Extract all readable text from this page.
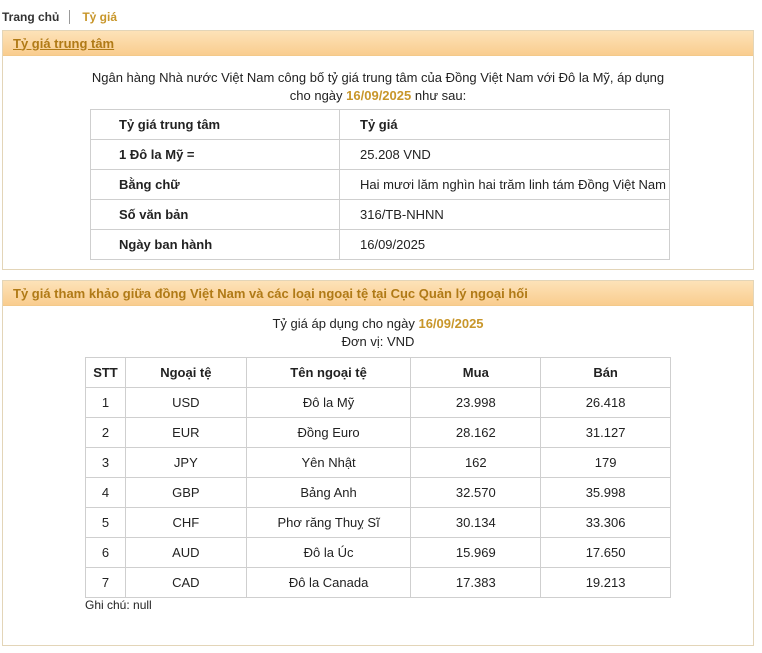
Trang chủ Tỷ giá
Tỷ giá trung tâm
Ngân hàng Nhà nước Việt Nam công bố tỷ giá trung tâm của Đồng Việt Nam với Đô la Mỹ, áp dụng
cho ngày 16/09/2025 như sau:
Tỷ giá trung tâm	Tỷ giá
1 Đô la Mỹ =	25.208 VND
Bằng chữ	Hai mươi lăm nghìn hai trăm linh tám Đồng Việt Nam
Số văn bản	316/TB-NHNN
Ngày ban hành	16/09/2025
Tỷ giá tham khảo giữa đồng Việt Nam và các loại ngoại tệ tại Cục Quản lý ngoại hối
Tỷ giá áp dụng cho ngày 16/09/2025
Đơn vị: VND
STT	Ngoại tệ	Tên ngoại tệ	Mua	Bán
1	USD	Đô la Mỹ	23.998	26.418
2	EUR	Đồng Euro	28.162	31.127
3	JPY	Yên Nhật	162	179
4	GBP	Bảng Anh	32.570	35.998
5	CHF	Phơ răng Thuỵ Sĩ	30.134	33.306
6	AUD	Đô la Úc	15.969	17.650
7	CAD	Đô la Canada	17.383	19.213
Ghi chú: null
